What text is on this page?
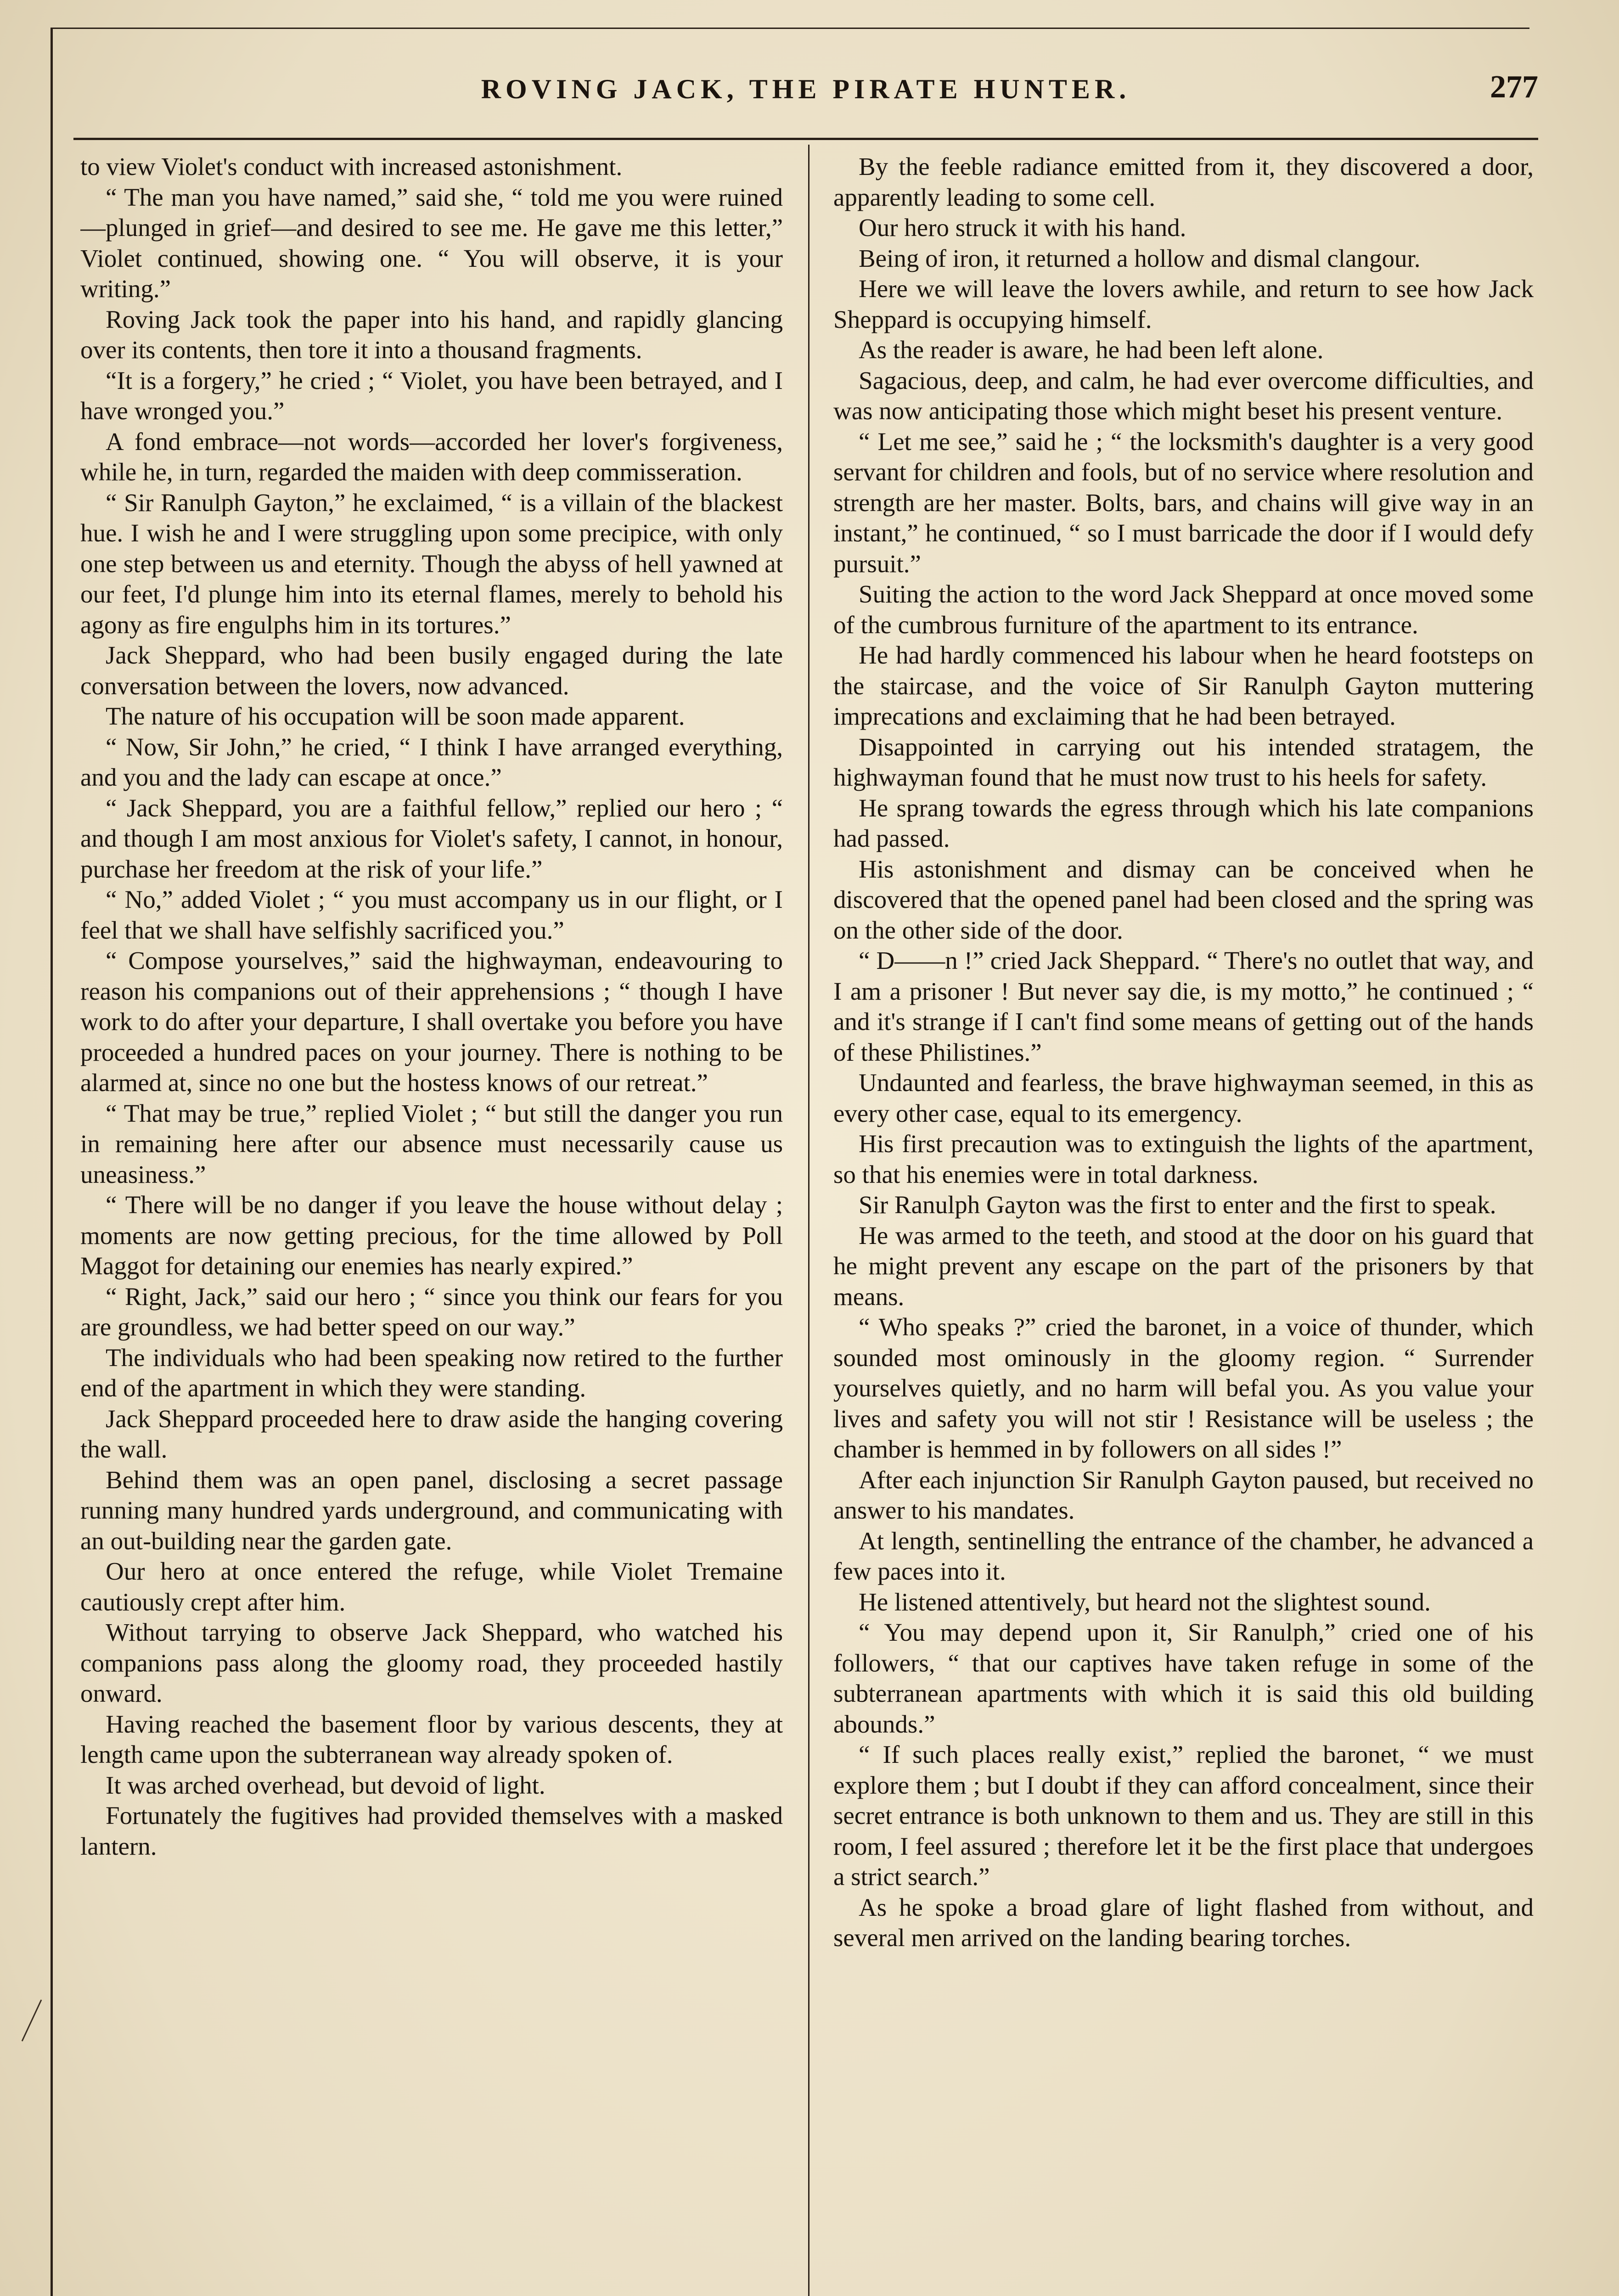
ROVING JACK, THE PIRATE HUNTER.	277

to view Violet's conduct with increased astonishment.

“ The man you have named,” said she, “ told me you were ruined—plunged in grief—and desired to see me. He gave me this letter,” Violet continued, showing one. “ You will observe, it is your writing.”

Roving Jack took the paper into his hand, and rapidly glancing over its contents, then tore it into a thousand fragments.

“It is a forgery,” he cried ; “ Violet, you have been betrayed, and I have wronged you.”

A fond embrace—not words—accorded her lover's forgiveness, while he, in turn, regarded the maiden with deep commisseration.

“ Sir Ranulph Gayton,” he exclaimed, “ is a villain of the blackest hue. I wish he and I were struggling upon some precipice, with only one step between us and eternity. Though the abyss of hell yawned at our feet, I'd plunge him into its eternal flames, merely to behold his agony as fire engulphs him in its tortures.”

Jack Sheppard, who had been busily engaged during the late conversation between the lovers, now advanced.

The nature of his occupation will be soon made apparent.

“ Now, Sir John,” he cried, “ I think I have arranged everything, and you and the lady can escape at once.”

“ Jack Sheppard, you are a faithful fellow,” replied our hero ; “ and though I am most anxious for Violet's safety, I cannot, in honour, purchase her freedom at the risk of your life.”

“ No,” added Violet ; “ you must accompany us in our flight, or I feel that we shall have selfishly sacrificed you.”

“ Compose yourselves,” said the highwayman, endeavouring to reason his companions out of their apprehensions ; “ though I have work to do after your departure, I shall overtake you before you have proceeded a hundred paces on your journey. There is nothing to be alarmed at, since no one but the hostess knows of our retreat.”

“ That may be true,” replied Violet ; “ but still the danger you run in remaining here after our absence must necessarily cause us uneasiness.”

“ There will be no danger if you leave the house without delay ; moments are now getting precious, for the time allowed by Poll Maggot for detaining our enemies has nearly expired.”

“ Right, Jack,” said our hero ; “ since you think our fears for you are groundless, we had better speed on our way.”

The individuals who had been speaking now retired to the further end of the apartment in which they were standing.

Jack Sheppard proceeded here to draw aside the hanging covering the wall.

Behind them was an open panel, disclosing a secret passage running many hundred yards underground, and communicating with an out-building near the garden gate.

Our hero at once entered the refuge, while Violet Tremaine cautiously crept after him.

Without tarrying to observe Jack Sheppard, who watched his companions pass along the gloomy road, they proceeded hastily onward.

Having reached the basement floor by various descents, they at length came upon the subterranean way already spoken of.

It was arched overhead, but devoid of light.

Fortunately the fugitives had provided themselves with a masked lantern.

By the feeble radiance emitted from it, they discovered a door, apparently leading to some cell.

Our hero struck it with his hand.

Being of iron, it returned a hollow and dismal clangour.

Here we will leave the lovers awhile, and return to see how Jack Sheppard is occupying himself.

As the reader is aware, he had been left alone.

Sagacious, deep, and calm, he had ever overcome difficulties, and was now anticipating those which might beset his present venture.

“ Let me see,” said he ; “ the locksmith's daughter is a very good servant for children and fools, but of no service where resolution and strength are her master. Bolts, bars, and chains will give way in an instant,” he continued, “ so I must barricade the door if I would defy pursuit.”

Suiting the action to the word Jack Sheppard at once moved some of the cumbrous furniture of the apartment to its entrance.

He had hardly commenced his labour when he heard footsteps on the staircase, and the voice of Sir Ranulph Gayton muttering imprecations and exclaiming that he had been betrayed.

Disappointed in carrying out his intended stratagem, the highwayman found that he must now trust to his heels for safety.

He sprang towards the egress through which his late companions had passed.

His astonishment and dismay can be conceived when he discovered that the opened panel had been closed and the spring was on the other side of the door.

“ D——n !” cried Jack Sheppard. “ There's no outlet that way, and I am a prisoner ! But never say die, is my motto,” he continued ; “ and it's strange if I can't find some means of getting out of the hands of these Philistines.”

Undaunted and fearless, the brave highwayman seemed, in this as every other case, equal to its emergency.

His first precaution was to extinguish the lights of the apartment, so that his enemies were in total darkness.

Sir Ranulph Gayton was the first to enter and the first to speak.

He was armed to the teeth, and stood at the door on his guard that he might prevent any escape on the part of the prisoners by that means.

“ Who speaks ?” cried the baronet, in a voice of thunder, which sounded most ominously in the gloomy region. “ Surrender yourselves quietly, and no harm will befal you. As you value your lives and safety you will not stir ! Resistance will be useless ; the chamber is hemmed in by followers on all sides !”

After each injunction Sir Ranulph Gayton paused, but received no answer to his mandates.

At length, sentinelling the entrance of the chamber, he advanced a few paces into it.

He listened attentively, but heard not the slightest sound.

“ You may depend upon it, Sir Ranulph,” cried one of his followers, “ that our captives have taken refuge in some of the subterranean apartments with which it is said this old building abounds.”

“ If such places really exist,” replied the baronet, “ we must explore them ; but I doubt if they can afford concealment, since their secret entrance is both unknown to them and us. They are still in this room, I feel assured ; therefore let it be the first place that undergoes a strict search.”

As he spoke a broad glare of light flashed from without, and several men arrived on the landing bearing torches.
